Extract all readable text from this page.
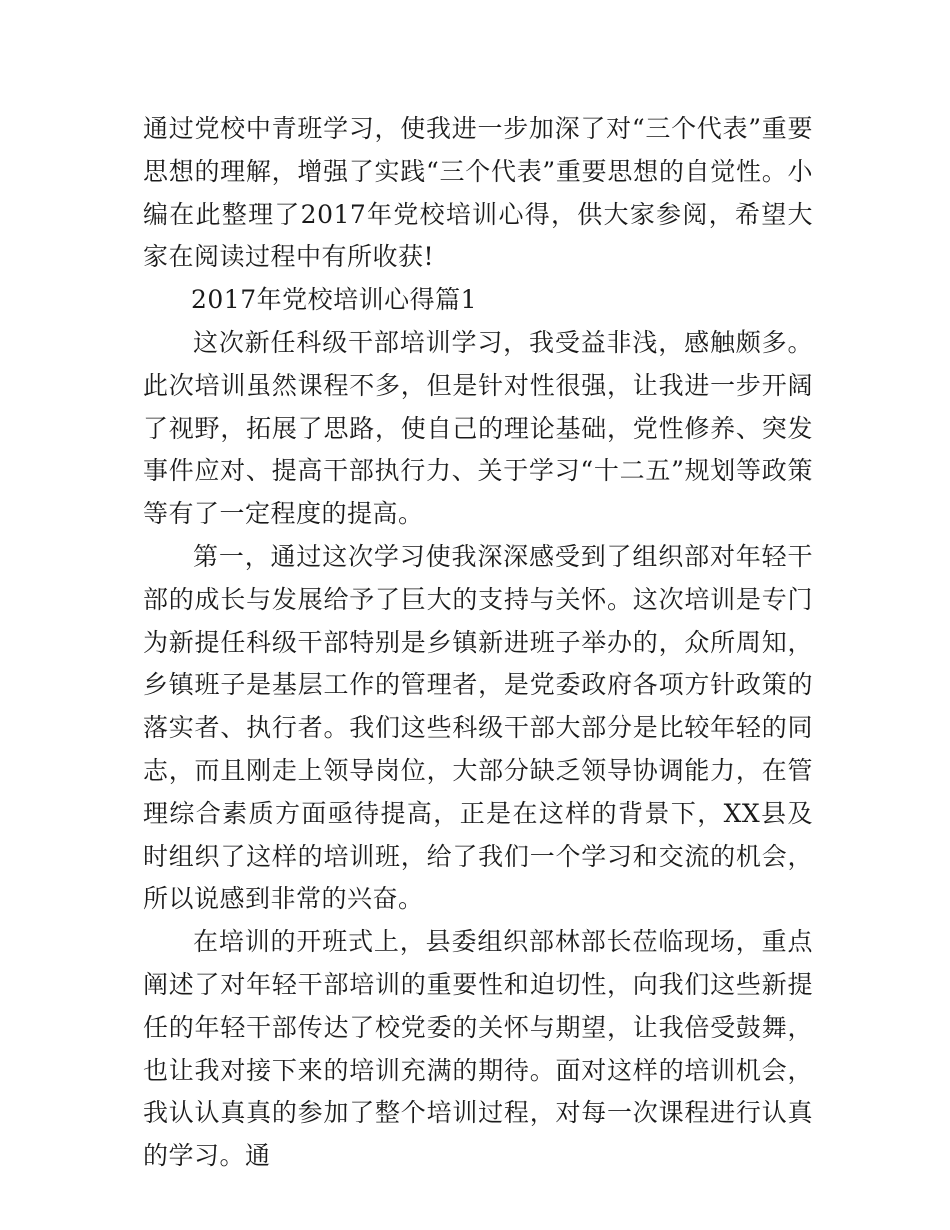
通过党校中青班学习，使我进一步加深了对“三个代表”重要思想的理解，增强了实践“三个代表”重要思想的自觉性。小编在此整理了2017年党校培训心得，供大家参阅，希望大家在阅读过程中有所收获!

2017年党校培训心得篇1

这次新任科级干部培训学习，我受益非浅，感触颇多。此次培训虽然课程不多，但是针对性很强，让我进一步开阔了视野，拓展了思路，使自己的理论基础，党性修养、突发事件应对、提高干部执行力、关于学习“十二五”规划等政策等有了一定程度的提高。

第一，通过这次学习使我深深感受到了组织部对年轻干部的成长与发展给予了巨大的支持与关怀。这次培训是专门为新提任科级干部特别是乡镇新进班子举办的，众所周知，乡镇班子是基层工作的管理者，是党委政府各项方针政策的落实者、执行者。我们这些科级干部大部分是比较年轻的同志，而且刚走上领导岗位，大部分缺乏领导协调能力，在管理综合素质方面亟待提高，正是在这样的背景下，XX县及时组织了这样的培训班，给了我们一个学习和交流的机会，所以说感到非常的兴奋。

在培训的开班式上，县委组织部林部长莅临现场，重点阐述了对年轻干部培训的重要性和迫切性，向我们这些新提任的年轻干部传达了校党委的关怀与期望，让我倍受鼓舞，也让我对接下来的培训充满的期待。面对这样的培训机会，我认认真真的参加了整个培训过程，对每一次课程进行认真的学习。通
